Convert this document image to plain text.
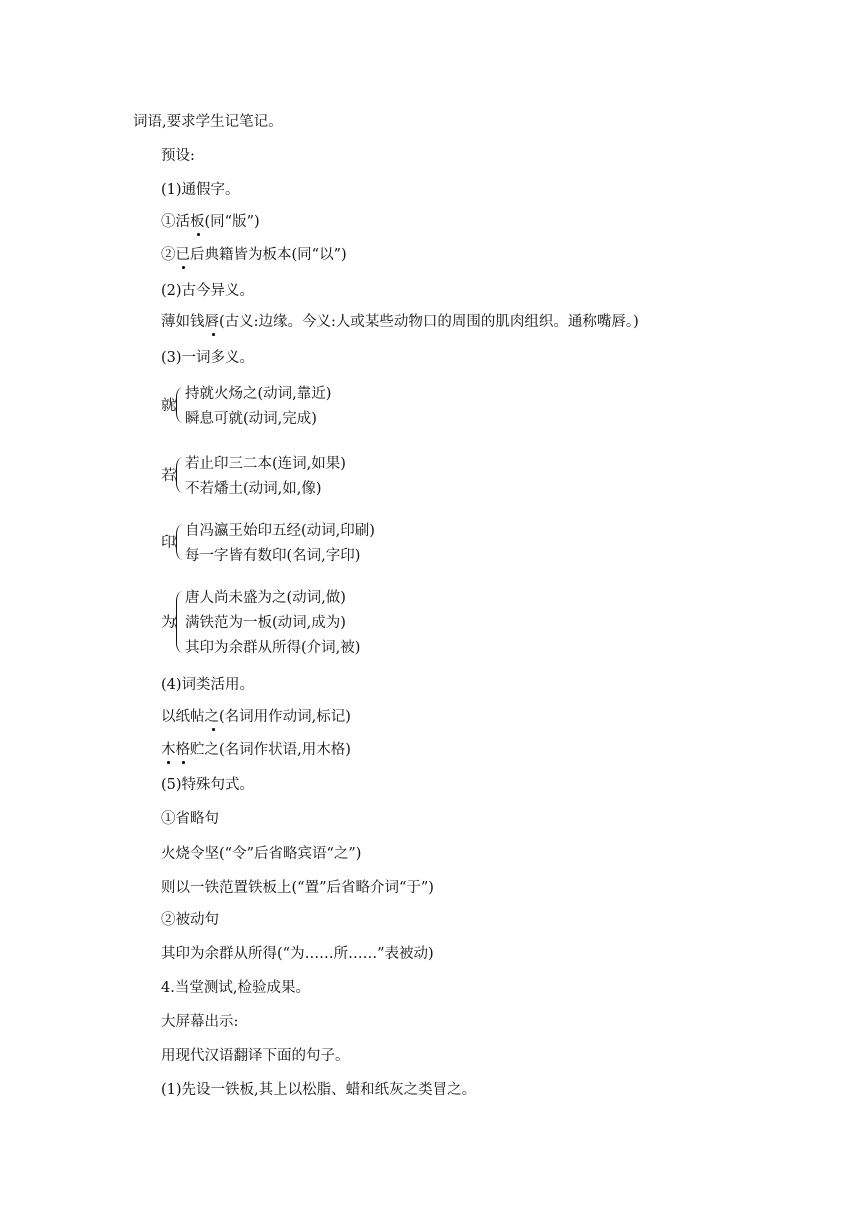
词语,要求学生记笔记。
预设:
(1)通假字。
①活板(同“版”)
②已后典籍皆为板本(同“以”)
(2)古今异义。
薄如钱唇(古义:边缘。今义:人或某些动物口的周围的肌肉组织。通称嘴唇。)
(3)一词多义。
就
持就火炀之(动词,靠近)
瞬息可就(动词,完成)
若
若止印三二本(连词,如果)
不若燔土(动词,如,像)
印
自冯瀛王始印五经(动词,印刷)
每一字皆有数印(名词,字印)
为
唐人尚未盛为之(动词,做)
满铁范为一板(动词,成为)
其印为余群从所得(介词,被)
(4)词类活用。
以纸帖之(名词用作动词,标记)
木格贮之(名词作状语,用木格)
(5)特殊句式。
①省略句
火烧令坚(“令”后省略宾语“之”)
则以一铁范置铁板上(“置”后省略介词“于”)
②被动句
其印为余群从所得(“为……所……”表被动)
4.当堂测试,检验成果。
大屏幕出示:
用现代汉语翻译下面的句子。
(1)先设一铁板,其上以松脂、蜡和纸灰之类冒之。
